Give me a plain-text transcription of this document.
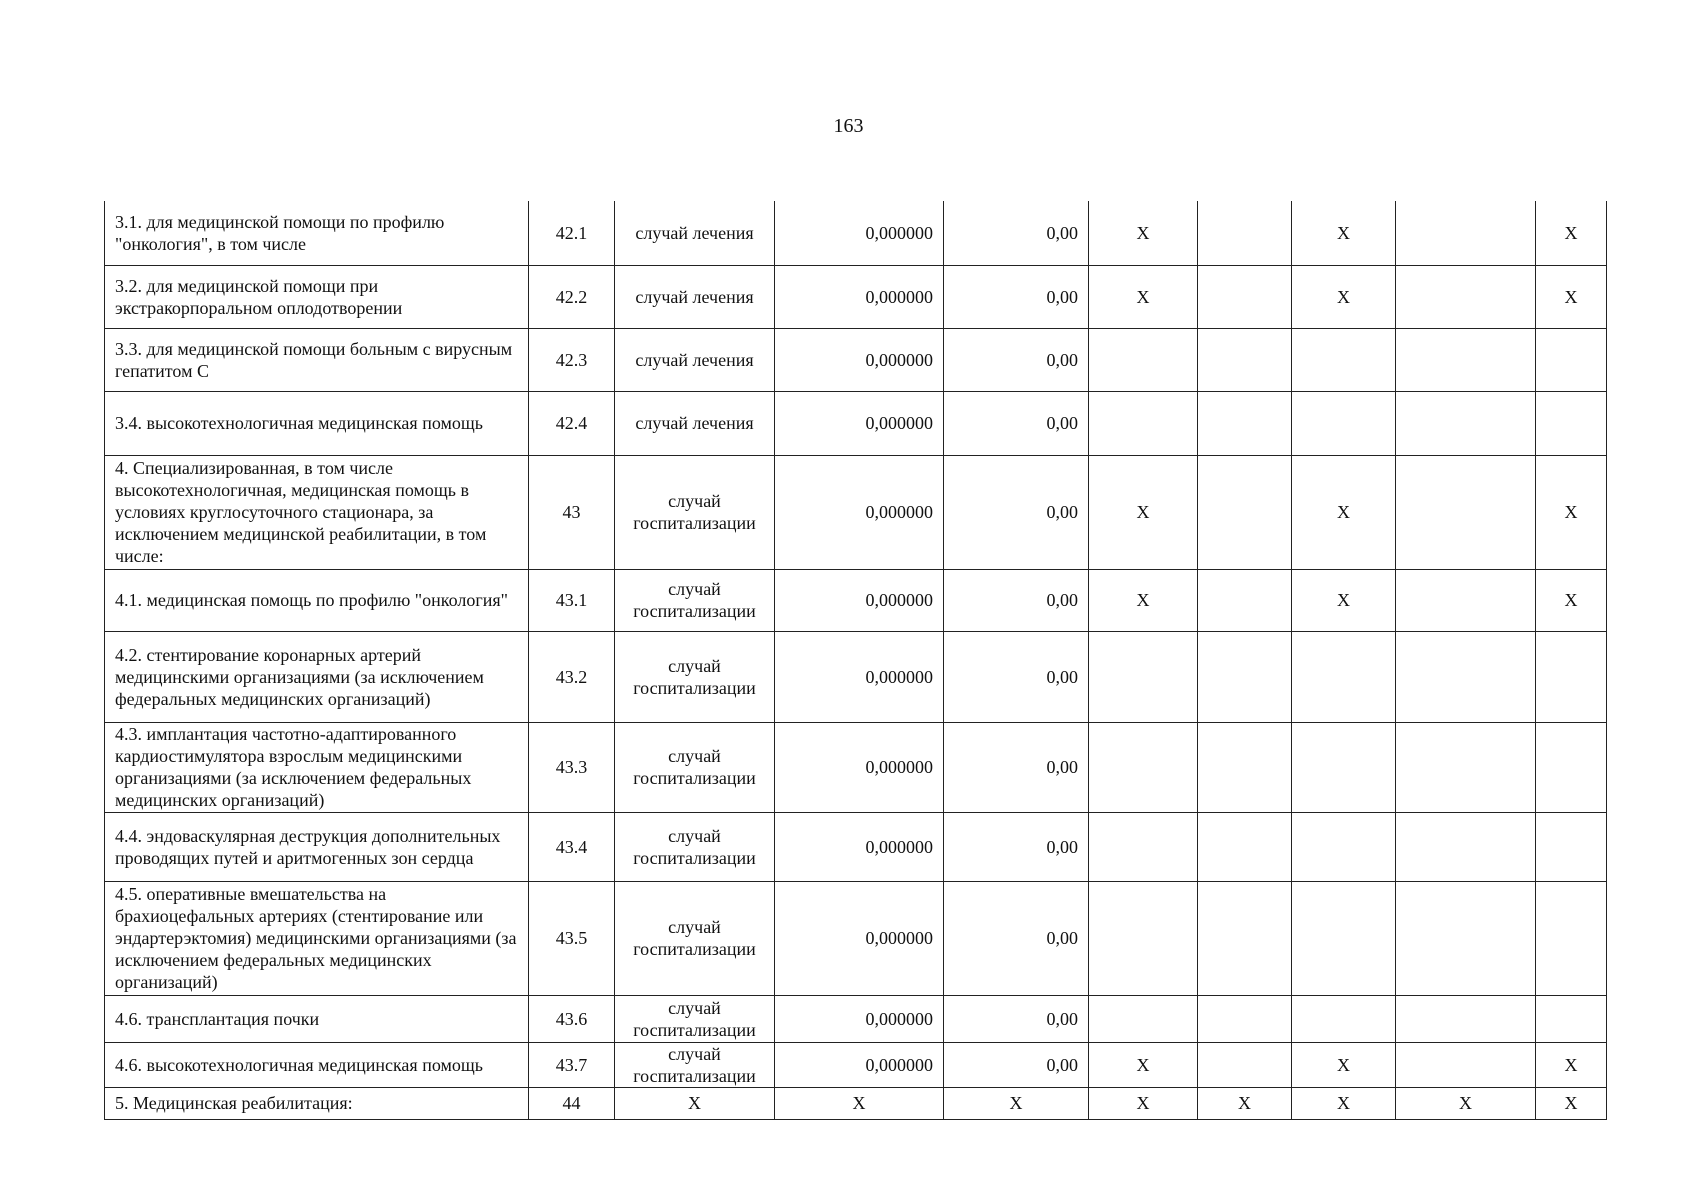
163
3.1. для медицинской помощи по профилю "онкология", в том числе	42.1	случай лечения	0,000000	0,00	X		X		X
3.2. для медицинской помощи при экстракорпоральном оплодотворении	42.2	случай лечения	0,000000	0,00	X		X		X
3.3. для медицинской помощи больным с вирусным гепатитом С	42.3	случай лечения	0,000000	0,00					
3.4. высокотехнологичная медицинская помощь	42.4	случай лечения	0,000000	0,00					
4. Специализированная, в том числе высокотехнологичная, медицинская помощь в условиях круглосуточного стационара, за исключением медицинской реабилитации, в том числе:	43	случай госпитализации	0,000000	0,00	X		X		X
4.1. медицинская помощь по профилю "онкология"	43.1	случай госпитализации	0,000000	0,00	X		X		X
4.2. стентирование коронарных артерий медицинскими организациями (за исключением федеральных медицинских организаций)	43.2	случай госпитализации	0,000000	0,00					
4.3. имплантация частотно-адаптированного кардиостимулятора взрослым медицинскими организациями (за исключением федеральных медицинских организаций)	43.3	случай госпитализации	0,000000	0,00					
4.4. эндоваскулярная деструкция дополнительных проводящих путей и аритмогенных зон сердца	43.4	случай госпитализации	0,000000	0,00					
4.5. оперативные вмешательства на брахиоцефальных артериях (стентирование или эндартерэктомия) медицинскими организациями (за исключением федеральных медицинских организаций)	43.5	случай госпитализации	0,000000	0,00					
4.6. трансплантация почки	43.6	случай госпитализации	0,000000	0,00					
4.6. высокотехнологичная медицинская помощь	43.7	случай госпитализации	0,000000	0,00	X		X		X
5. Медицинская реабилитация:	44	X	X	X	X	X	X	X	X
